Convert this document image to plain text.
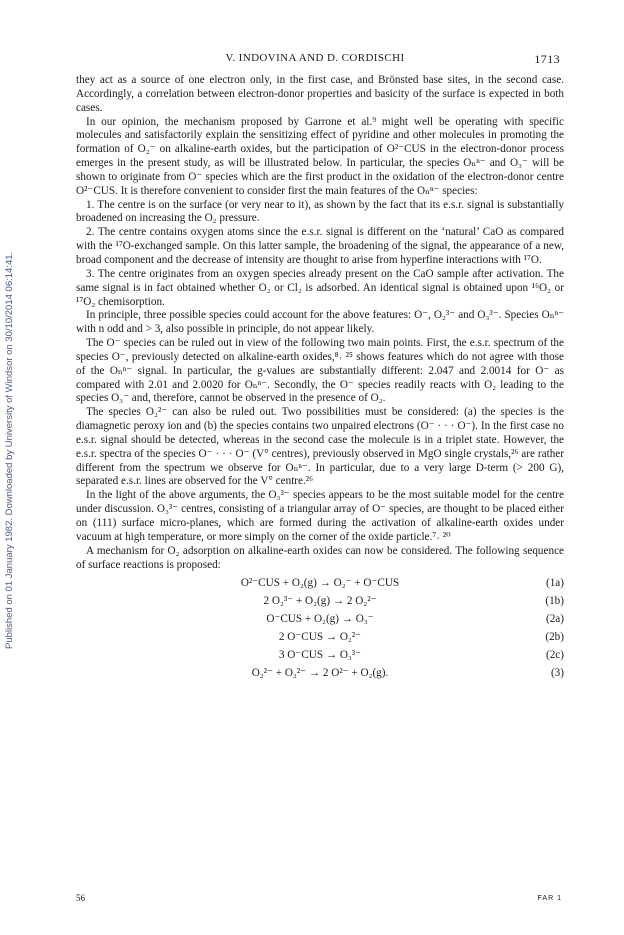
Published on 01 January 1982. Downloaded by University of Windsor on 30/10/2014 06:14:41.
V. INDOVINA AND D. CORDISCHI	1713

they act as a source of one electron only, in the first case, and Brönsted base sites, in the second case. Accordingly, a correlation between electron-donor properties and basicity of the surface is expected in both cases.

In our opinion, the mechanism proposed by Garrone et al.⁹ might well be operating with specific molecules and satisfactorily explain the sensitizing effect of pyridine and other molecules in promoting the formation of O₂⁻ on alkaline-earth oxides, but the participation of O²⁻CUS in the electron-donor process emerges in the present study, as will be illustrated below. In particular, the species Oₙⁿ⁻ and O₃⁻ will be shown to originate from O⁻ species which are the first product in the oxidation of the electron-donor centre O²⁻CUS. It is therefore convenient to consider first the main features of the Oₙⁿ⁻ species:

1. The centre is on the surface (or very near to it), as shown by the fact that its e.s.r. signal is substantially broadened on increasing the O₂ pressure.

2. The centre contains oxygen atoms since the e.s.r. signal is different on the ‘natural’ CaO as compared with the ¹⁷O-exchanged sample. On this latter sample, the broadening of the signal, the appearance of a new, broad component and the decrease of intensity are thought to arise from hyperfine interactions with ¹⁷O.

3. The centre originates from an oxygen species already present on the CaO sample after activation. The same signal is in fact obtained whether O₂ or Cl₂ is adsorbed. An identical signal is obtained upon ¹⁶O₂ or ¹⁷O₂ chemisorption.

In principle, three possible species could account for the above features: O⁻, O₂³⁻ and O₃³⁻. Species Oₙⁿ⁻ with n odd and > 3, also possible in principle, do not appear likely.

The O⁻ species can be ruled out in view of the following two main points. First, the e.s.r. spectrum of the species O⁻, previously detected on alkaline-earth oxides,⁸˒ ²⁵ shows features which do not agree with those of the Oₙⁿ⁻ signal. In particular, the g-values are substantially different: 2.047 and 2.0014 for O⁻ as compared with 2.01 and 2.0020 for Oₙⁿ⁻. Secondly, the O⁻ species readily reacts with O₂ leading to the species O₃⁻ and, therefore, cannot be observed in the presence of O₂.

The species O₂²⁻ can also be ruled out. Two possibilities must be considered: (a) the species is the diamagnetic peroxy ion and (b) the species contains two unpaired electrons (O⁻ · · · O⁻). In the first case no e.s.r. signal should be detected, whereas in the second case the molecule is in a triplet state. However, the e.s.r. spectra of the species O⁻ · · · O⁻ (V° centres), previously observed in MgO single crystals,²⁶ are rather different from the spectrum we observe for Oₙⁿ⁻. In particular, due to a very large D-term (> 200 G), separated e.s.r. lines are observed for the V° centre.²⁶

In the light of the above arguments, the O₃³⁻ species appears to be the most suitable model for the centre under discussion. O₃³⁻ centres, consisting of a triangular array of O⁻ species, are thought to be placed either on (111) surface micro-planes, which are formed during the activation of alkaline-earth oxides under vacuum at high temperature, or more simply on the corner of the oxide particle.⁷˒ ²⁰

A mechanism for O₂ adsorption on alkaline-earth oxides can now be considered. The following sequence of surface reactions is proposed:

O²⁻CUS + O₂(g) → O₂⁻ + O⁻CUS	(1a)
2 O₂³⁻ + O₂(g) → 2 O₂²⁻	(1b)
O⁻CUS + O₂(g) → O₃⁻	(2a)
2 O⁻CUS → O₂²⁻	(2b)
3 O⁻CUS → O₃³⁻	(2c)
O₂²⁻ + O₂²⁻ → 2 O²⁻ + O₂(g).	(3)
56	FAR 1
